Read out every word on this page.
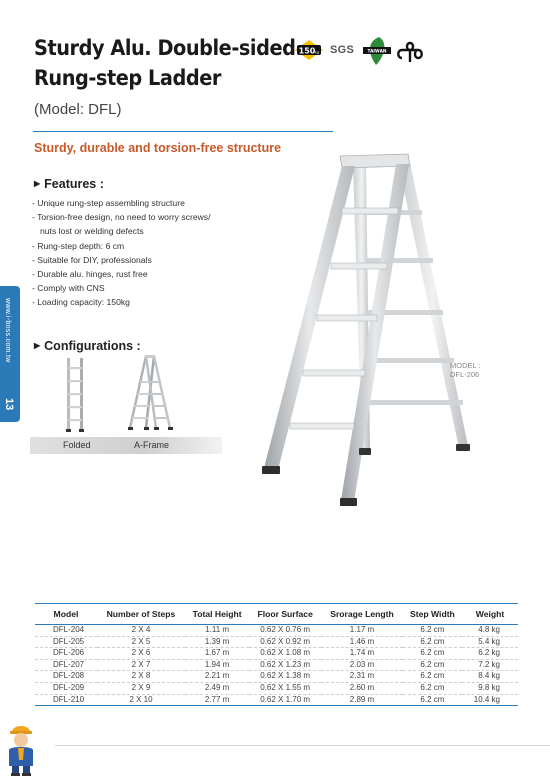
Sturdy Alu. Double-sided
Rung-step Ladder
(Model: DFL)
Sturdy, durable and torsion-free structure
150 kg SGS	TAIWAN
▶ Features :
- Unique rung-step assembling structure
- Torsion-free design, no need to worry screws/
nuts lost or welding defects
- Rung-step depth: 6 cm
- Suitable for DIY, professionals
- Durable alu. hinges, rust free
- Comply with CNS
- Loading capacity: 150kg
www.i-boss.com.tw
13
▶ Configurations :
Folded	A-Frame
MODEL :
DFL-206
Model	Number of Steps	Total Height	Floor Surface	Srorage Length	Step Width	Weight
DFL-204	2 X 4	1.11 m	0.62 X 0.76 m	1.17 m	6.2 cm	4.8 kg
DFL-205	2 X 5	1.39 m	0.62 X 0.92 m	1.46 m	6.2 cm	5.4 kg
DFL-206	2 X 6	1.67 m	0.62 X 1.08 m	1.74 m	6.2 cm	6.2 kg
DFL-207	2 X 7	1.94 m	0.62 X 1.23 m	2.03 m	6.2 cm	7.2 kg
DFL-208	2 X 8	2.21 m	0.62 X 1.38 m	2.31 m	6.2 cm	8.4 kg
DFL-209	2 X 9	2.49 m	0.62 X 1.55 m	2.60 m	6.2 cm	9.8 kg
DFL-210	2 X 10	2.77 m	0.62 X 1.70 m	2.89 m	6.2 cm	10.4 kg
